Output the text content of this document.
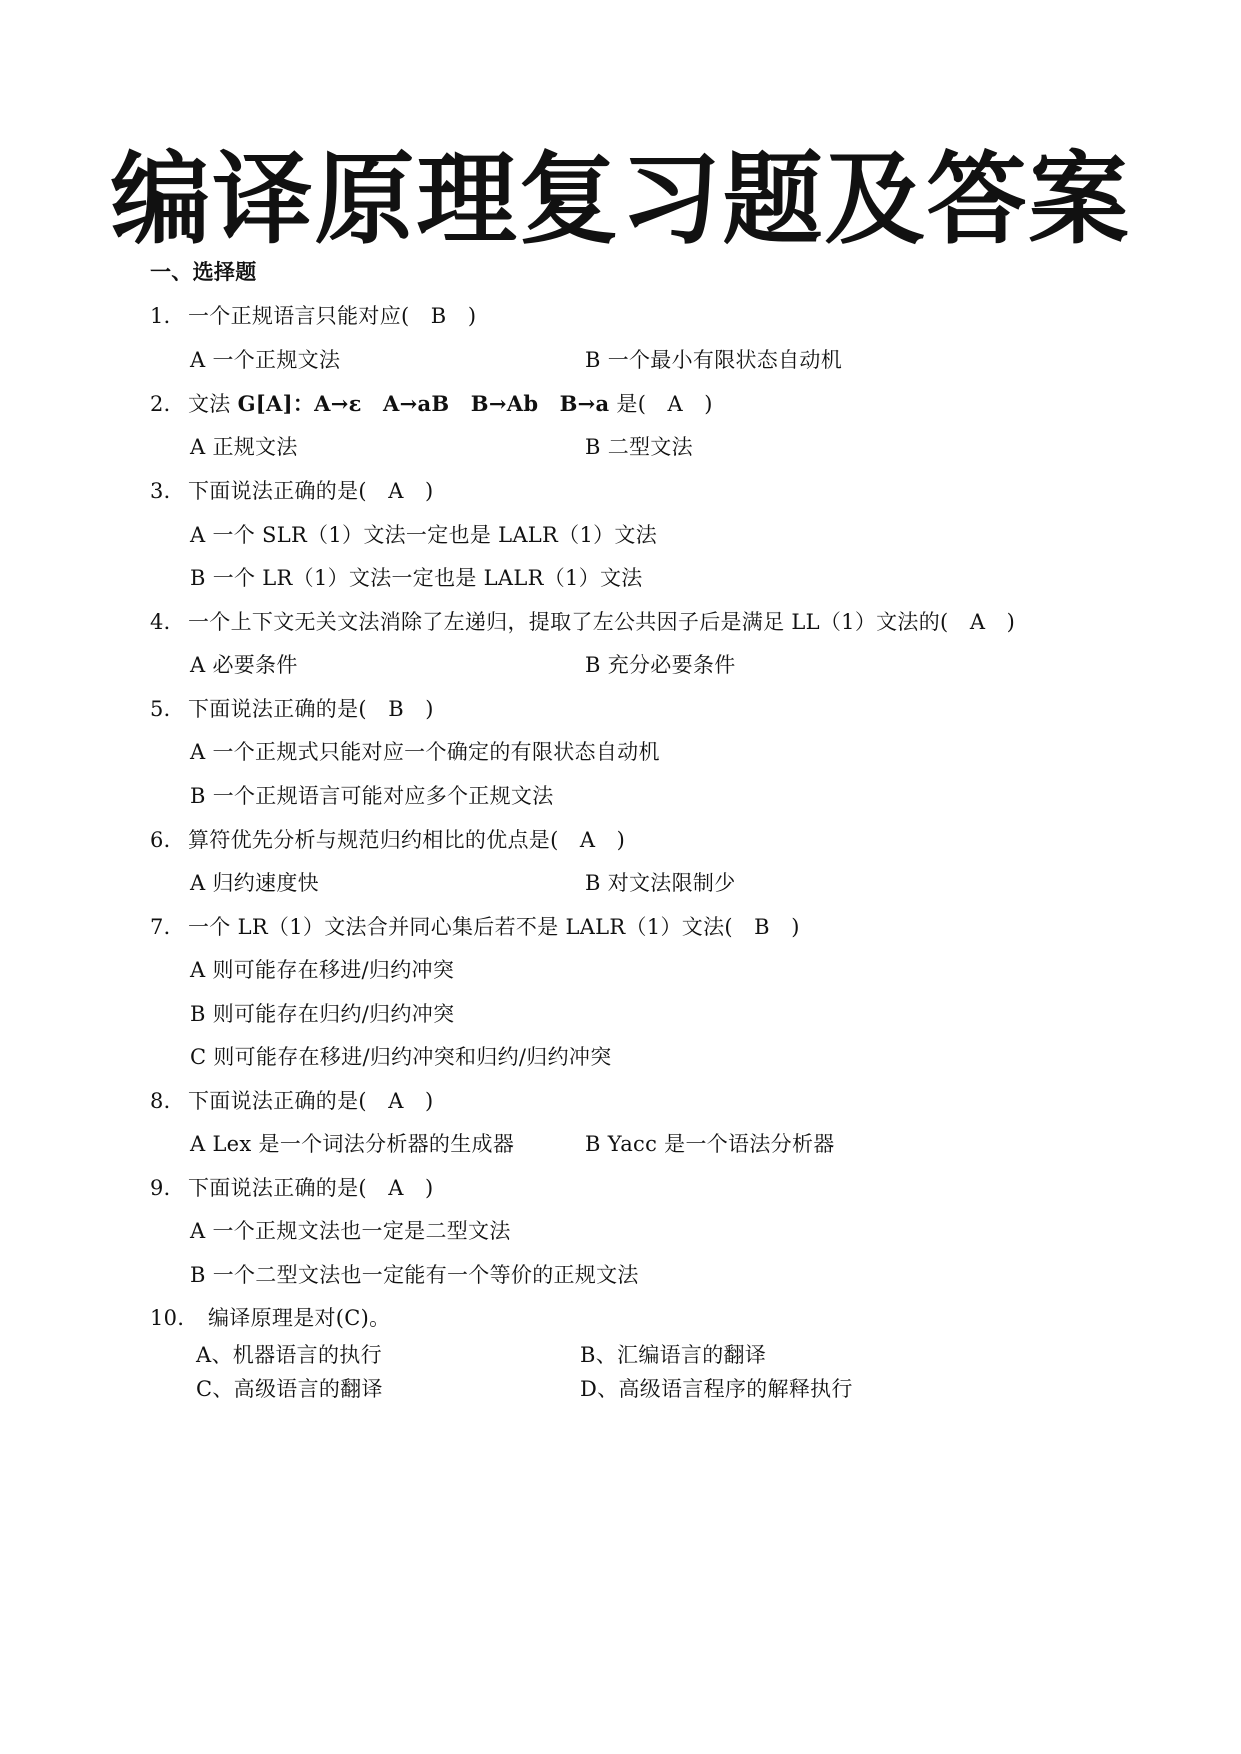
编译原理复习题及答案
一、选择题
1． 一个正规语言只能对应(　B　)
A 一个正规文法	B 一个最小有限状态自动机
2． 文法 G[A]：A→ε　A→aB　B→Ab　B→a 是(　A　)
A 正规文法	B 二型文法
3． 下面说法正确的是(　A　)
A 一个 SLR（1）文法一定也是 LALR（1）文法
B 一个 LR（1）文法一定也是 LALR（1）文法
4． 一个上下文无关文法消除了左递归，提取了左公共因子后是满足 LL（1）文法的(　A　)
A 必要条件	B 充分必要条件
5． 下面说法正确的是(　B　)
A 一个正规式只能对应一个确定的有限状态自动机
B 一个正规语言可能对应多个正规文法
6． 算符优先分析与规范归约相比的优点是(　A　)
A 归约速度快	B 对文法限制少
7． 一个 LR（1）文法合并同心集后若不是 LALR（1）文法(　B　)
A 则可能存在移进/归约冲突
B 则可能存在归约/归约冲突
C 则可能存在移进/归约冲突和归约/归约冲突
8． 下面说法正确的是(　A　)
A Lex 是一个词法分析器的生成器	B Yacc 是一个语法分析器
9． 下面说法正确的是(　A　)
A 一个正规文法也一定是二型文法
B 一个二型文法也一定能有一个等价的正规文法
10． 编译原理是对(C)。
A、机器语言的执行	B、汇编语言的翻译
C、高级语言的翻译	D、高级语言程序的解释执行
